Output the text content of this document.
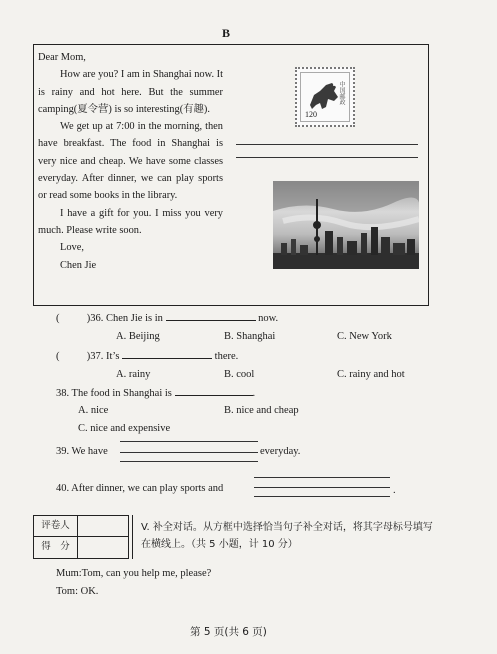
B

Dear Mom,

How are you? I am in Shanghai now. It is rainy and hot here. But the summer camping(夏令营) is so interesting(有趣).

We get up at 7:00 in the morning, then have breakfast. The food in Shanghai is very nice and cheap. We have some classes everyday. After dinner, we can play sports or read some books in the library.

I have a gift for you. I miss you very much. Please write soon.

Love,

Chen Jie

120
中国邮政
(	)36. Chen Jie is in	now.
A. Beijing	B. Shanghai	C. New York
(	)37. It’s	there.
A. rainy	B. cool	C. rainy and hot
38. The food in Shanghai is	.
A. nice	B. nice and cheap
C. nice and expensive
39. We have	everyday.
40. After dinner, we can play sports and	.
评卷人
得　分
V. 补全对话。从方框中选择恰当句子补全对话，将其字母标号填写在横线上。（共 5 小题，计 10 分）
Mum:Tom, can you help me, please?
Tom: OK.
第 5 页(共 6 页)
